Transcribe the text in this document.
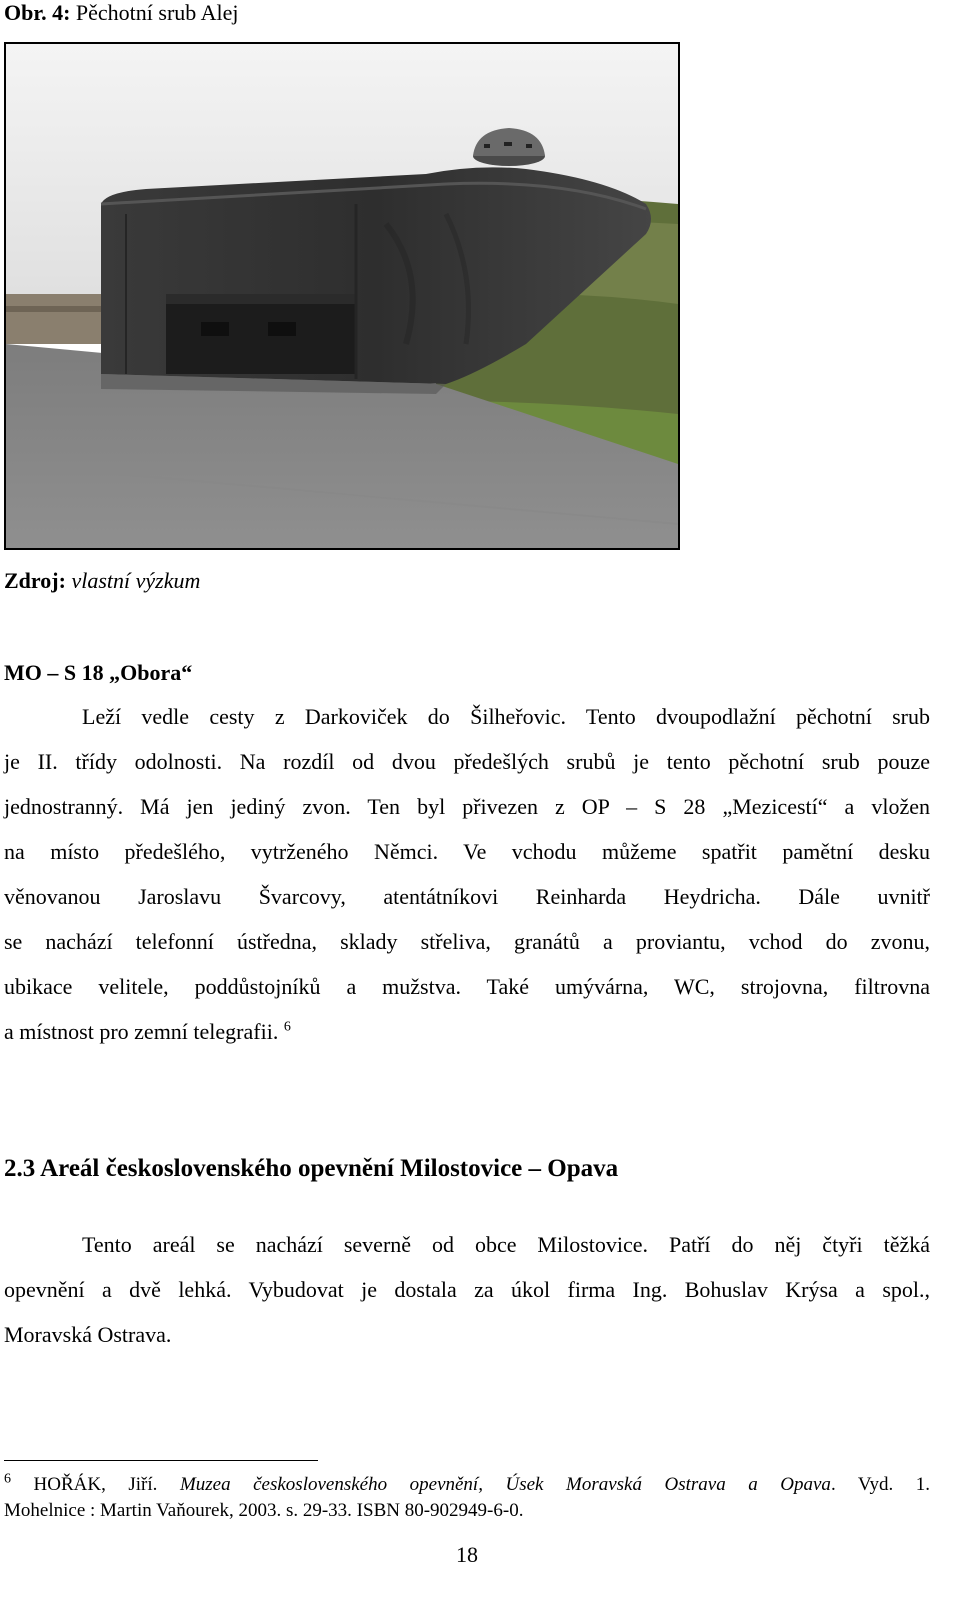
Obr. 4: Pěchotní srub Alej
Zdroj: vlastní výzkum
MO – S 18 „Obora“
Leží vedle cesty z Darkoviček do Šilheřovic. Tento dvoupodlažní pěchotní srub
je II. třídy odolnosti. Na rozdíl od dvou předešlých srubů je tento pěchotní srub pouze
jednostranný. Má jen jediný zvon. Ten byl přivezen z OP – S 28 „Mezicestí“ a vložen
na místo předešlého, vytrženého Němci. Ve vchodu můžeme spatřit pamětní desku
věnovanou Jaroslavu Švarcovy, atentátníkovi Reinharda Heydricha. Dále uvnitř
se nachází telefonní ústředna, sklady střeliva, granátů a proviantu, vchod do zvonu,
ubikace velitele, poddůstojníků a mužstva. Také umývárna, WC, strojovna, filtrovna
a místnost pro zemní telegrafii. $^6$
2.3 Areál československého opevnění Milostovice – Opava
Tento areál se nachází severně od obce Milostovice. Patří do něj čtyři těžká
opevnění a dvě lehká. Vybudovat je dostala za úkol firma Ing. Bohuslav Krýsa a spol.,
Moravská Ostrava.
$^6$ HOŘÁK, Jiří. Muzea československého opevnění, Úsek Moravská Ostrava a Opava. Vyd. 1.
Mohelnice : Martin Vaňourek, 2003. s. 29-33. ISBN 80-902949-6-0.
18
